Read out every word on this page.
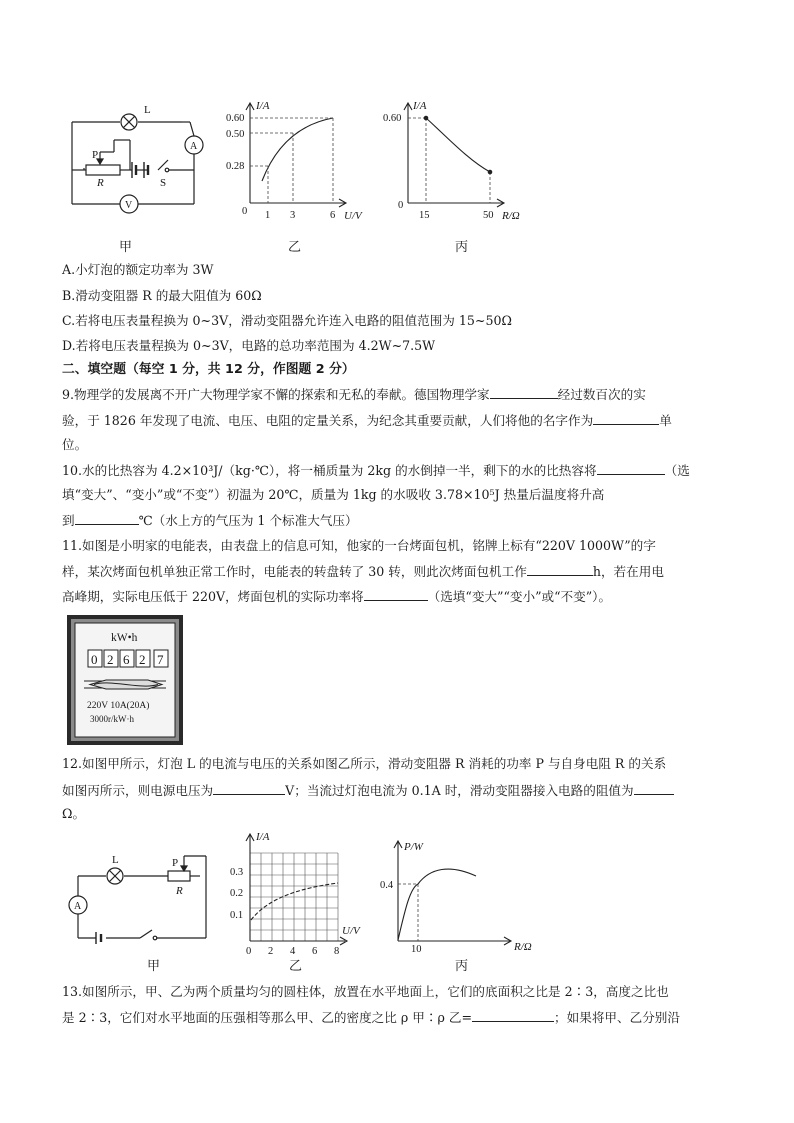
L
P
R	S
A
V
I/A
U/V
0.60
0.50
0.28
0 1 3	6
I/A
R/Ω
0.60
0
15	50
甲	乙	丙
A.小灯泡的额定功率为 3W
B.滑动变阻器 R 的最大阻值为 60Ω
C.若将电压表量程换为 0~3V，滑动变阻器允许连入电路的阻值范围为 15~50Ω
D.若将电压表量程换为 0~3V，电路的总功率范围为 4.2W~7.5W
二、填空题（每空 1 分，共 12 分，作图题 2 分）
9.物理学的发展离不开广大物理学家不懈的探索和无私的奉献。德国物理学家	经过数百次的实
验，于 1826 年发现了电流、电压、电阻的定量关系，为纪念其重要贡献，人们将他的名字作为	单
位。
10.水的比热容为 4.2×10³J/（kg·℃），将一桶质量为 2kg 的水倒掉一半，剩下的水的比热容将	（选
填“变大”、“变小”或“不变”）初温为 20℃，质量为 1kg 的水吸收 3.78×10⁵J 热量后温度将升高
到	℃（水上方的气压为 1 个标准大气压）
11.如图是小明家的电能表，由表盘上的信息可知，他家的一台烤面包机，铭牌上标有“220V 1000W”的字
样，某次烤面包机单独正常工作时，电能表的转盘转了 30 转，则此次烤面包机工作	h，若在用电
高峰期，实际电压低于 220V，烤面包机的实际功率将	（选填“变大”“变小”或“不变”）。
kW•h
0 2 6 2 7
220V 10A(20A)
3000r/kW·h
12.如图甲所示，灯泡 L 的电流与电压的关系如图乙所示，滑动变阻器 R 消耗的功率 P 与自身电阻 R 的关系
如图丙所示，则电源电压为	V；当流过灯泡电流为 0.1A 时，滑动变阻器接入电路的阻值为
Ω。
L	P
R
A
甲
I/A
U/V
0.3
0.2
0.1
0 2 4 6 8
乙
P/W
R/Ω
0.4
10
丙
13.如图所示，甲、乙为两个质量均匀的圆柱体，放置在水平地面上，它们的底面积之比是 2∶3，高度之比也
是 2∶3，它们对水平地面的压强相等那么甲、乙的密度之比 ρ 甲∶ρ 乙=	；如果将甲、乙分别沿
